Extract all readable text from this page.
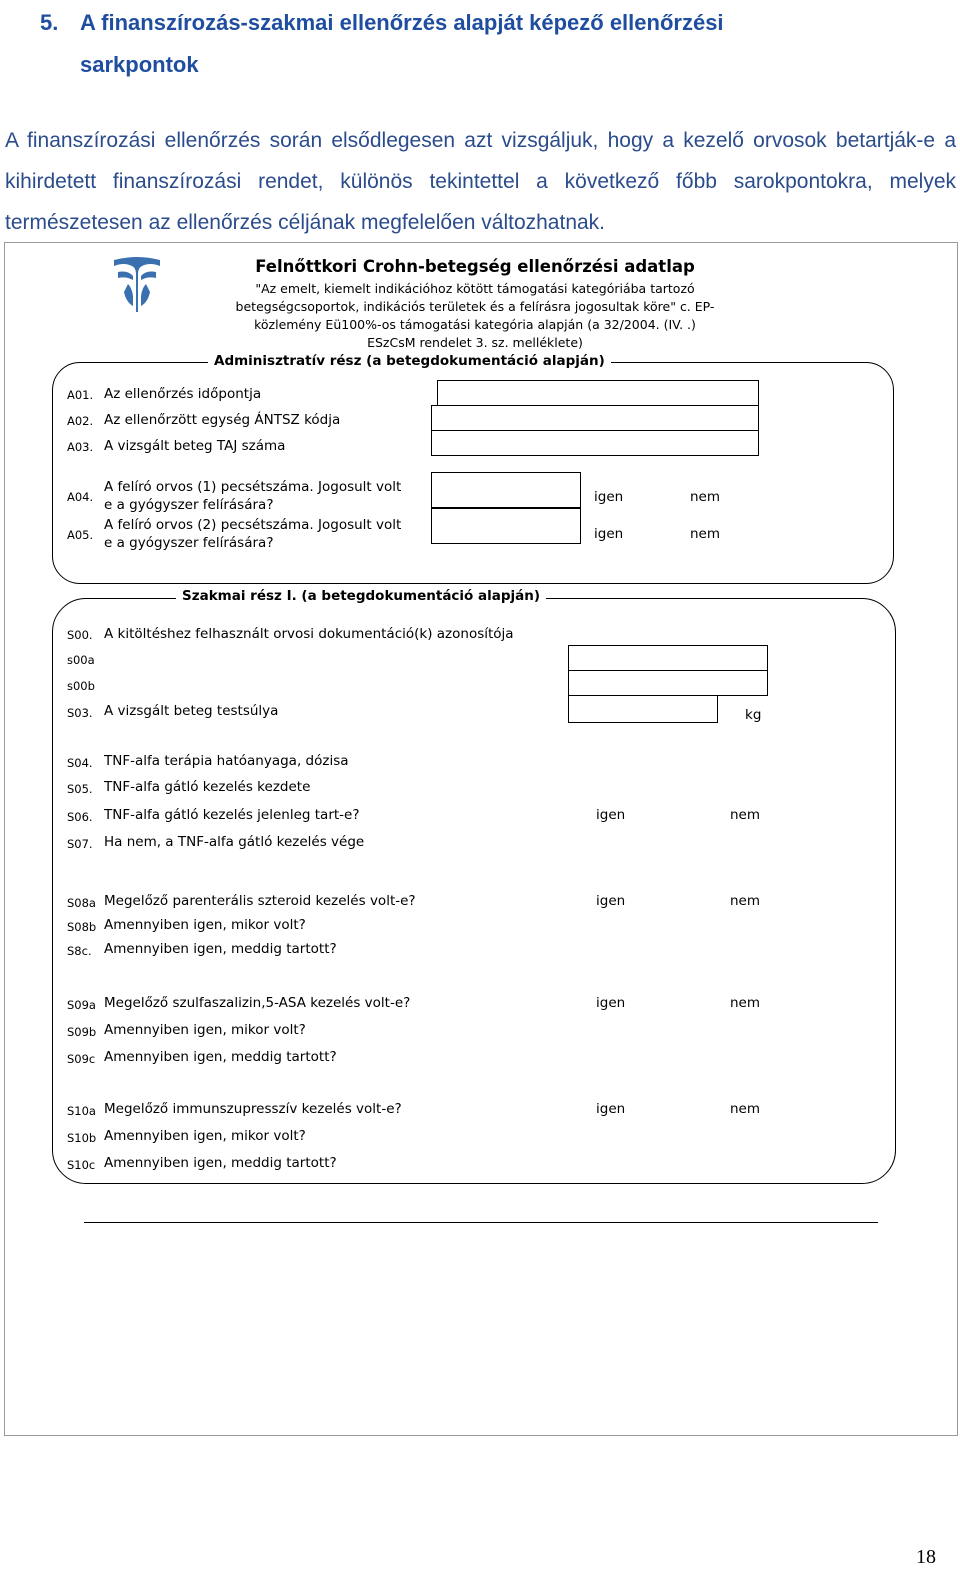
5. A finanszírozás-szakmai ellenőrzés alapját képező ellenőrzési
sarkpontok

A finanszírozási ellenőrzés során elsődlegesen azt vizsgáljuk, hogy a kezelő orvosok betartják-e a kihirdetett finanszírozási rendet, különös tekintettel a következő főbb sarokpontokra, melyek természetesen az ellenőrzés céljának megfelelően változhatnak.

Felnőttkori Crohn-betegség ellenőrzési adatlap
"Az emelt, kiemelt indikációhoz kötött támogatási kategóriába tartozó
betegségcsoportok, indikációs területek és a felírásra jogosultak köre" c. EP-
közlemény Eü100%-os támogatási kategória alapján (a 32/2004. (IV. .)
ESzCsM rendelet 3. sz. melléklete)
Adminisztratív rész (a betegdokumentáció alapján)
A01. Az ellenőrzés időpontja
A02. Az ellenőrzött egység ÁNTSZ kódja
A03. A vizsgált beteg TAJ száma
A04.
A felíró orvos (1) pecsétszáma. Jogosult volt
e a gyógyszer felírására?	igen	nem
A05.
A felíró orvos (2) pecsétszáma. Jogosult volt
e a gyógyszer felírására?
igen	nem
Szakmai rész I. (a betegdokumentáció alapján)
S00. A kitöltéshez felhasznált orvosi dokumentáció(k) azonosítója
s00a
s00b
S03. A vizsgált beteg testsúlya	kg
S04. TNF-alfa terápia hatóanyaga, dózisa
S05. TNF-alfa gátló kezelés kezdete
S06. TNF-alfa gátló kezelés jelenleg tart-e?	igen	nem
S07. Ha nem, a TNF-alfa gátló kezelés vége
S08a Megelőző parenterális szteroid kezelés volt-e?	igen	nem
S08b Amennyiben igen, mikor volt?
S8c. Amennyiben igen, meddig tartott?
S09a Megelőző szulfaszalizin,5-ASA kezelés volt-e?	igen	nem
S09b Amennyiben igen, mikor volt?
S09c Amennyiben igen, meddig tartott?
S10a Megelőző immunszupresszív kezelés volt-e?	igen	nem
S10b Amennyiben igen, mikor volt?
S10c Amennyiben igen, meddig tartott?
18
